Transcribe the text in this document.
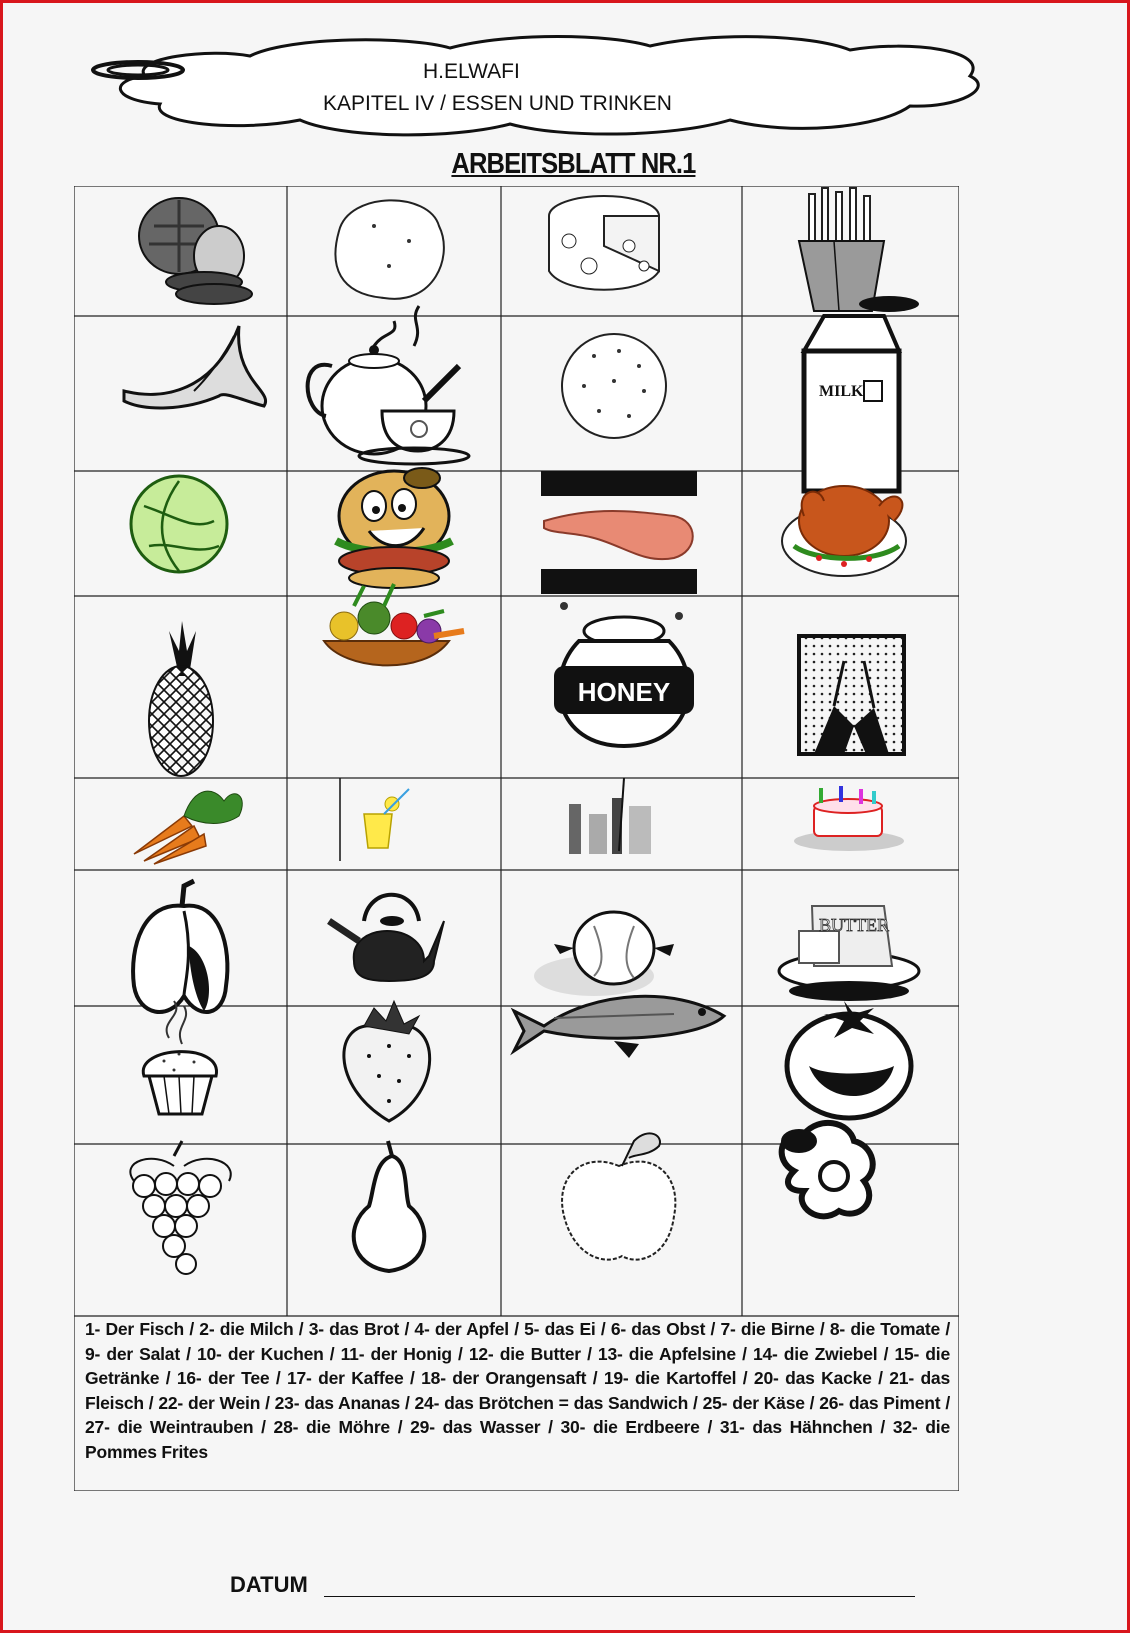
H.ELWAFI
KAPITEL IV / ESSEN UND TRINKEN
ARBEITSBLATT NR.1
MILK
HONEY
BUTTER
1- Der Fisch / 2- die Milch / 3- das Brot / 4- der Apfel / 5- das Ei / 6- das Obst / 7- die Birne / 8- die Tomate / 9- der Salat / 10- der Kuchen / 11- der Honig / 12- die Butter / 13- die Apfelsine / 14- die Zwiebel / 15- die Getränke / 16- der Tee / 17- der Kaffee / 18- der Orangensaft / 19- die Kartoffel / 20- das Kacke / 21- das Fleisch / 22- der Wein / 23- das Ananas / 24- das Brötchen = das Sandwich / 25- der Käse / 26- das Piment / 27- die Weintrauben / 28- die Möhre / 29- das Wasser / 30- die Erdbeere / 31- das Hähnchen / 32- die Pommes Frites
DATUM
